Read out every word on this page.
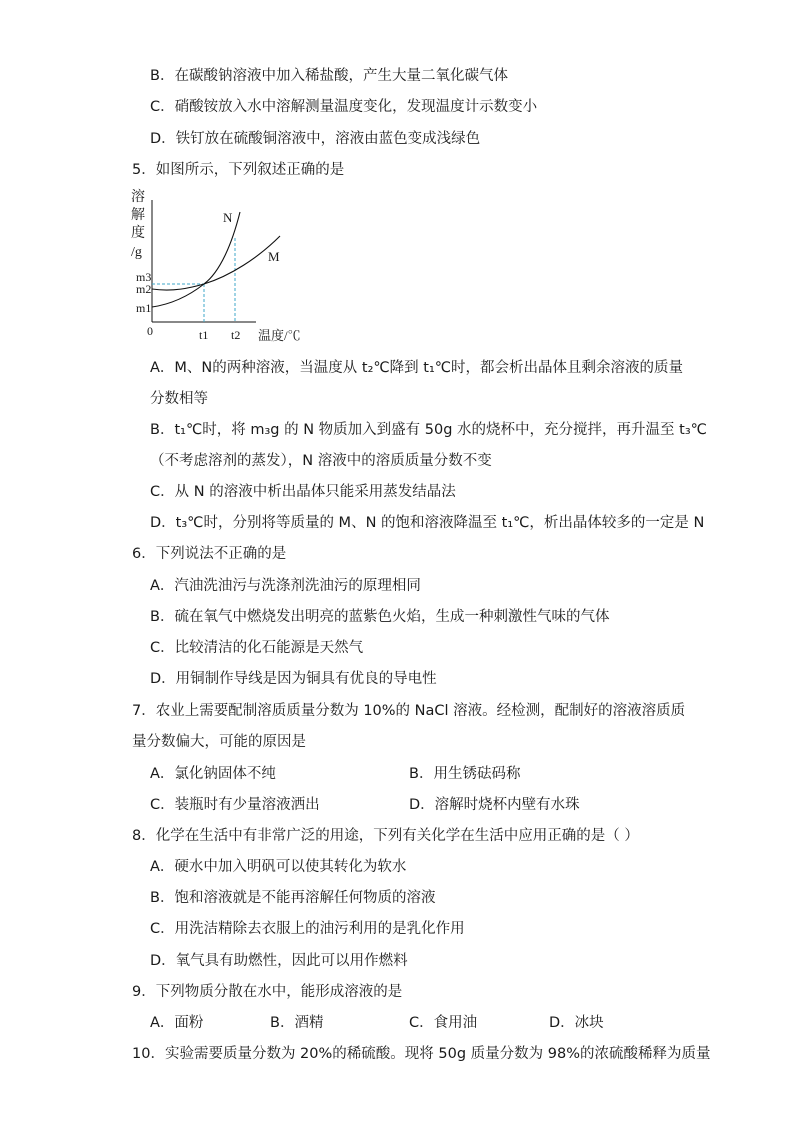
B．在碳酸钠溶液中加入稀盐酸，产生大量二氧化碳气体
C．硝酸铵放入水中溶解测量温度变化，发现温度计示数变小
D．铁钉放在硫酸铜溶液中，溶液由蓝色变成浅绿色
5．如图所示，下列叙述正确的是
溶
解
度
/g
m3
m2
m1
0	t1 t2 温度/℃
N
M
A．M、N的两种溶液，当温度从 t₂℃降到 t₁℃时，都会析出晶体且剩余溶液的质量
分数相等
B．t₁℃时，将 m₃g 的 N 物质加入到盛有 50g 水的烧杯中，充分搅拌，再升温至 t₃℃
（不考虑溶剂的蒸发），N 溶液中的溶质质量分数不变
C．从 N 的溶液中析出晶体只能采用蒸发结晶法
D．t₃℃时，分别将等质量的 M、N 的饱和溶液降温至 t₁℃，析出晶体较多的一定是 N
6．下列说法不正确的是
A．汽油洗油污与洗涤剂洗油污的原理相同
B．硫在氧气中燃烧发出明亮的蓝紫色火焰，生成一种刺激性气味的气体
C．比较清洁的化石能源是天然气
D．用铜制作导线是因为铜具有优良的导电性
7．农业上需要配制溶质质量分数为 10%的 NaCl 溶液。经检测，配制好的溶液溶质质
量分数偏大，可能的原因是
A．氯化钠固体不纯	B．用生锈砝码称
C．装瓶时有少量溶液洒出	D．溶解时烧杯内壁有水珠
8．化学在生活中有非常广泛的用途，下列有关化学在生活中应用正确的是（ ）
A．硬水中加入明矾可以使其转化为软水
B．饱和溶液就是不能再溶解任何物质的溶液
C．用洗洁精除去衣服上的油污利用的是乳化作用
D．氧气具有助燃性，因此可以用作燃料
9．下列物质分散在水中，能形成溶液的是
A．面粉	B．酒精	C．食用油	D．冰块
10．实验需要质量分数为 20%的稀硫酸。现将 50g 质量分数为 98%的浓硫酸稀释为质量
